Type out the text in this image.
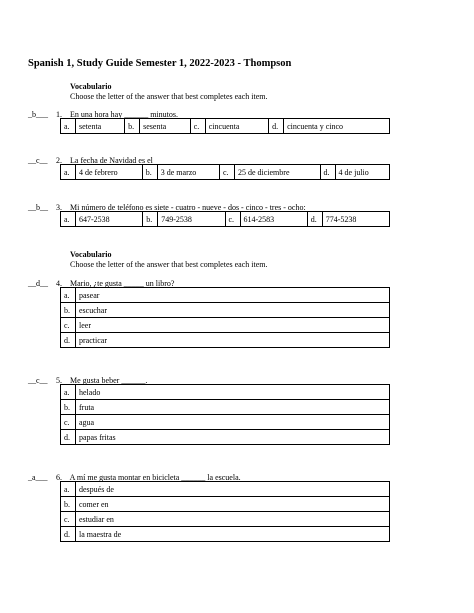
Spanish 1, Study Guide Semester 1, 2022-2023 - Thompson
Vocabulario
Choose the letter of the answer that best completes each item.
_b___ 1. En una hora hay ______ minutos.
a.	setenta	b.	sesenta	c.	cincuenta	d.	cincuenta y cinco
__c__ 2. La fecha de Navidad es el
a.	4 de febrero	b.	3 de marzo	c.	25 de diciembre	d.	4 de julio
__b__ 3. Mi número de teléfono es siete - cuatro - nueve - dos - cinco - tres - ocho:
a.	647-2538	b.	749-2538	c.	614-2583	d.	774-5238
Vocabulario
Choose the letter of the answer that best completes each item.
__d__ 4. Mario, ¿te gusta _____ un libro?
a.	pasear
b.	escuchar
c.	leer
d.	practicar
__c__ 5. Me gusta beber ______.
a.	helado
b.	fruta
c.	agua
d.	papas fritas
_a___ 6. A mí me gusta montar en bicicleta ______ la escuela.
a.	después de
b.	comer en
c.	estudiar en
d.	la maestra de
